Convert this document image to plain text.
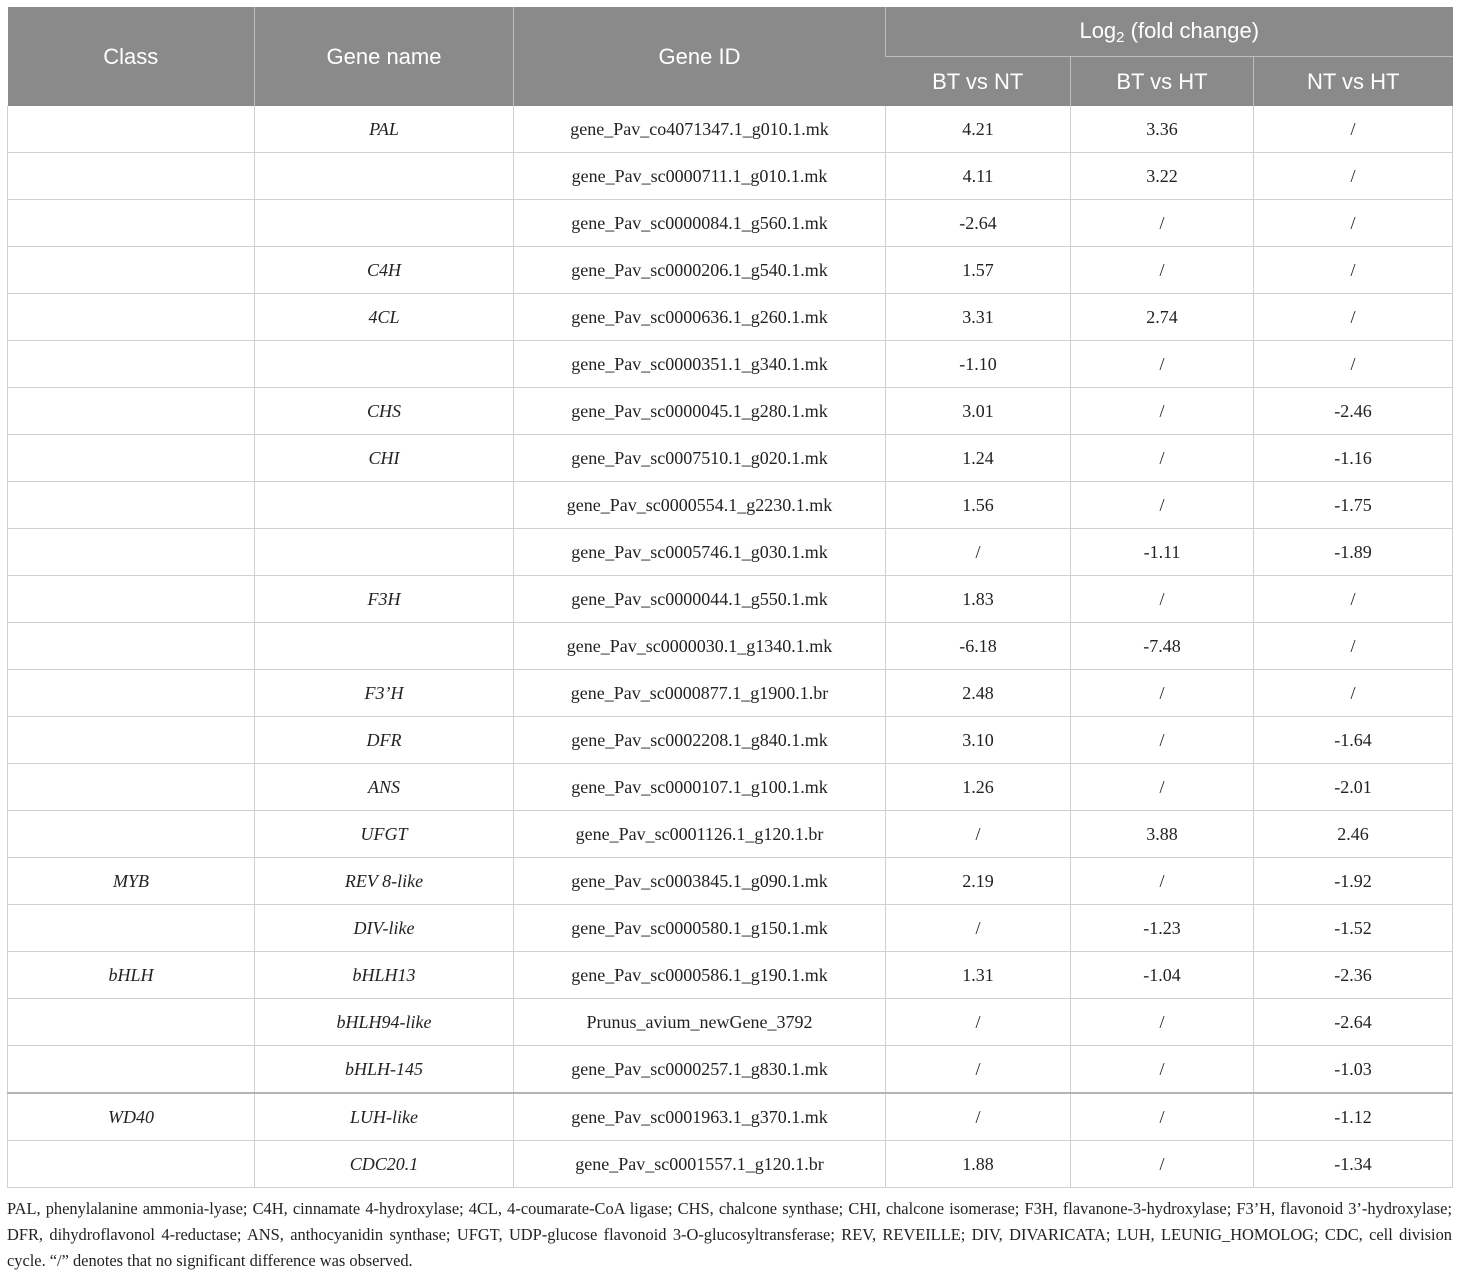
Class	Gene name	Gene ID	Log$_2$ (fold change)		
			BT vs NT	BT vs HT	NT vs HT
	PAL	gene_Pav_co4071347.1_g010.1.mk	4.21	3.36	/
		gene_Pav_sc0000711.1_g010.1.mk	4.11	3.22	/
		gene_Pav_sc0000084.1_g560.1.mk	-2.64	/	/
	C4H	gene_Pav_sc0000206.1_g540.1.mk	1.57	/	/
	4CL	gene_Pav_sc0000636.1_g260.1.mk	3.31	2.74	/
		gene_Pav_sc0000351.1_g340.1.mk	-1.10	/	/
	CHS	gene_Pav_sc0000045.1_g280.1.mk	3.01	/	-2.46
	CHI	gene_Pav_sc0007510.1_g020.1.mk	1.24	/	-1.16
		gene_Pav_sc0000554.1_g2230.1.mk	1.56	/	-1.75
		gene_Pav_sc0005746.1_g030.1.mk	/	-1.11	-1.89
	F3H	gene_Pav_sc0000044.1_g550.1.mk	1.83	/	/
		gene_Pav_sc0000030.1_g1340.1.mk	-6.18	-7.48	/
	F3’H	gene_Pav_sc0000877.1_g1900.1.br	2.48	/	/
	DFR	gene_Pav_sc0002208.1_g840.1.mk	3.10	/	-1.64
	ANS	gene_Pav_sc0000107.1_g100.1.mk	1.26	/	-2.01
	UFGT	gene_Pav_sc0001126.1_g120.1.br	/	3.88	2.46
MYB	REV 8-like	gene_Pav_sc0003845.1_g090.1.mk	2.19	/	-1.92
	DIV-like	gene_Pav_sc0000580.1_g150.1.mk	/	-1.23	-1.52
bHLH	bHLH13	gene_Pav_sc0000586.1_g190.1.mk	1.31	-1.04	-2.36
	bHLH94-like	Prunus_avium_newGene_3792	/	/	-2.64
	bHLH-145	gene_Pav_sc0000257.1_g830.1.mk	/	/	-1.03
WD40	LUH-like	gene_Pav_sc0001963.1_g370.1.mk	/	/	-1.12
	CDC20.1	gene_Pav_sc0001557.1_g120.1.br	1.88	/	-1.34
PAL, phenylalanine ammonia-lyase; C4H, cinnamate 4-hydroxylase; 4CL, 4-coumarate-CoA ligase; CHS, chalcone synthase; CHI, chalcone isomerase; F3H, flavanone-3-hydroxylase; F3’H, flavonoid 3’-hydroxylase; DFR, dihydroflavonol 4-reductase; ANS, anthocyanidin synthase; UFGT, UDP-glucose flavonoid 3-O-glucosyltransferase; REV, REVEILLE; DIV, DIVARICATA; LUH, LEUNIG_HOMOLOG; CDC, cell division cycle. “/” denotes that no significant difference was observed.
